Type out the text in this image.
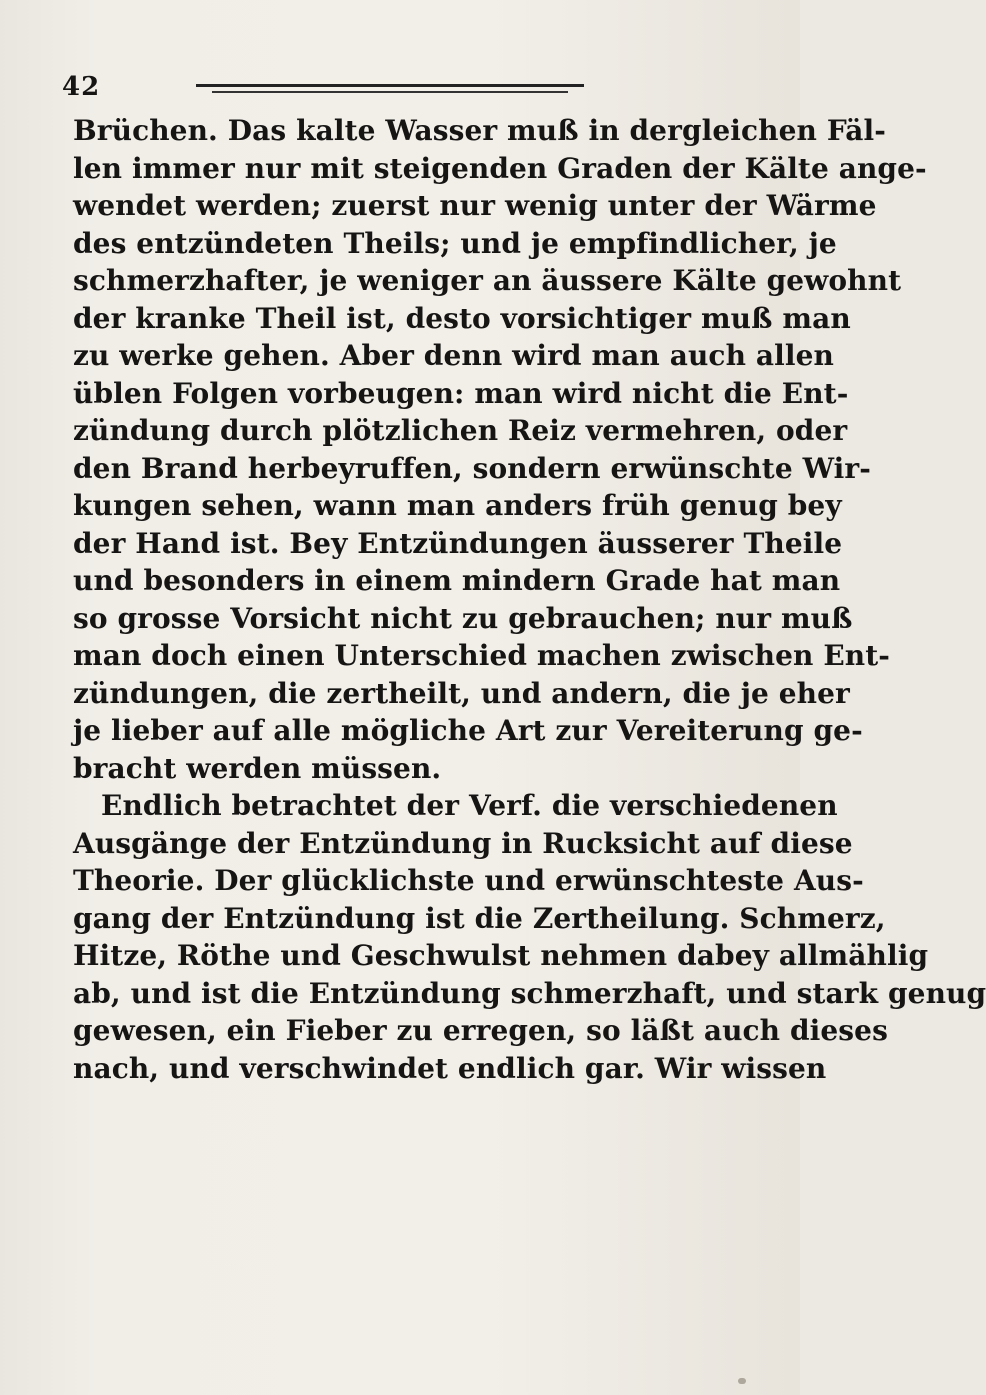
42
Brüchen. Das kalte Wasser muß in dergleichen Fäl-
len immer nur mit steigenden Graden der Kälte ange-
wendet werden; zuerst nur wenig unter der Wärme
des entzündeten Theils; und je empfindlicher, je
schmerzhafter, je weniger an äussere Kälte gewohnt
der kranke Theil ist, desto vorsichtiger muß man
zu werke gehen. Aber denn wird man auch allen
üblen Folgen vorbeugen: man wird nicht die Ent-
zündung durch plötzlichen Reiz vermehren, oder
den Brand herbeyruffen, sondern erwünschte Wir-
kungen sehen, wann man anders früh genug bey
der Hand ist. Bey Entzündungen äusserer Theile
und besonders in einem mindern Grade hat man
so grosse Vorsicht nicht zu gebrauchen; nur muß
man doch einen Unterschied machen zwischen Ent-
zündungen, die zertheilt, und andern, die je eher
je lieber auf alle mögliche Art zur Vereiterung ge-
bracht werden müssen.
Endlich betrachtet der Verf. die verschiedenen
Ausgänge der Entzündung in Rucksicht auf diese
Theorie. Der glücklichste und erwünschteste Aus-
gang der Entzündung ist die Zertheilung. Schmerz,
Hitze, Röthe und Geschwulst nehmen dabey allmählig
ab, und ist die Entzündung schmerzhaft, und stark genug
gewesen, ein Fieber zu erregen, so läßt auch dieses
nach, und verschwindet endlich gar. Wir wissen
